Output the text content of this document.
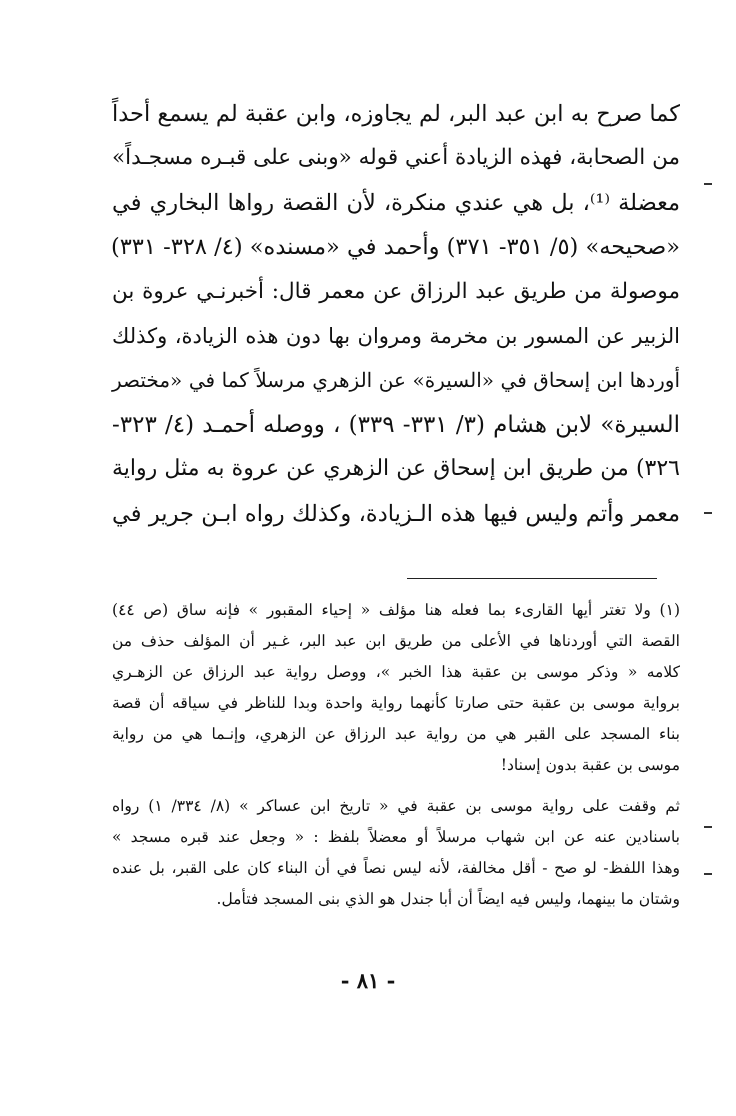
كما صرح به ابن عبد البر، لم يجاوزه، وابن عقبة لم يسمع أحداً
من الصحابة، فهذه الزيادة أعني قوله «وبنى على قبـره مسجـداً»
معضلة ⁽¹⁾، بل هي عندي منكرة، لأن القصة رواها البخاري في
«صحيحه» (٥/ ٣٥١- ٣٧١) وأحمد في «مسنده» (٤/ ٣٢٨- ٣٣١)
موصولة من طريق عبد الرزاق عن معمر قال: أخبرنـي عروة بن
الزبير عن المسور بن مخرمة ومروان بها دون هذه الزيادة، وكذلك
أوردها ابن إسحاق في «السيرة» عن الزهري مرسلاً كما في «مختصر
السيرة» لابن هشام (٣/ ٣٣١- ٣٣٩) ، ووصله أحمـد (٤/ ٣٢٣-
٣٢٦) من طريق ابن إسحاق عن الزهري عن عروة به مثل رواية
معمر وأتم وليس فيها هذه الـزيادة، وكذلك رواه ابـن جرير في
(١) ولا تغتر أيها القارىء بما فعله هنا مؤلف « إحياء المقبور » فإنه ساق (ص ٤٤)
القصة التي أوردناها في الأعلى من طريق ابن عبد البر، غـير أن المؤلف حذف من
كلامه « وذكر موسى بن عقبة هذا الخبر »، ووصل رواية عبد الرزاق عن الزهـري
برواية موسى بن عقبة حتى صارتا كأنهما رواية واحدة وبدا للناظر في سياقه أن قصة
بناء المسجد على القبر هي من رواية عبد الرزاق عن الزهري، وإنـما هي من رواية
موسى بن عقبة بدون إسناد!
ثم وقفت على رواية موسى بن عقبة في « تاريخ ابن عساكر » (٨/ ٣٣٤/ ١) رواه
باسنادين عنه عن ابن شهاب مرسلاً أو معضلاً بلفظ : « وجعل عند قبره مسجد »
وهذا اللفظ- لو صح - أقل مخالفة، لأنه ليس نصاً في أن البناء كان على القبر، بل عنده
وشتان ما بينهما، وليس فيه ايضاً أن أبا جندل هو الذي بنى المسجد فتأمل.
- ٨١ -
